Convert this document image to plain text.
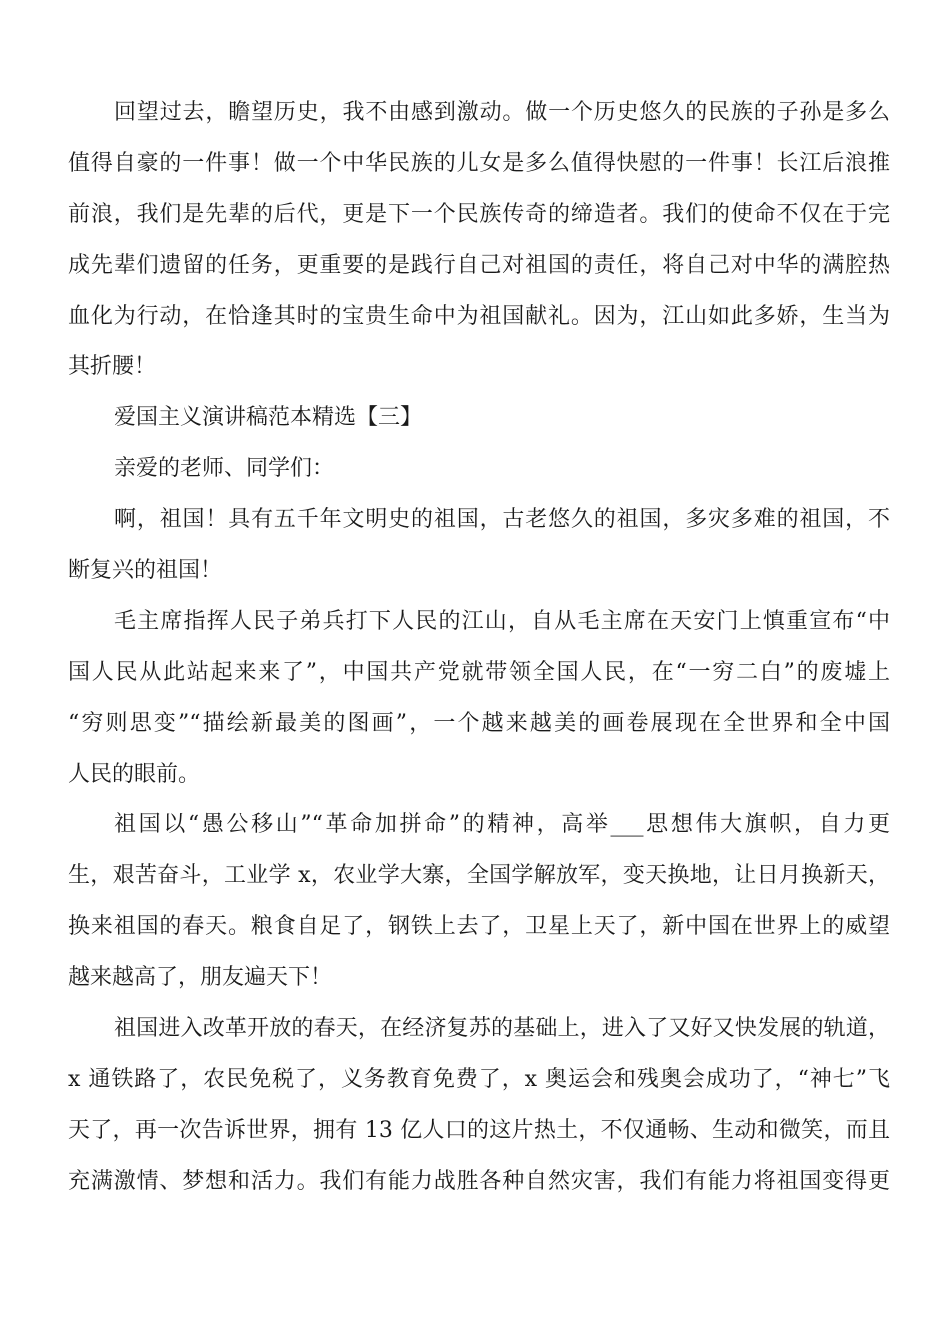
回望过去，瞻望历史，我不由感到激动。做一个历史悠久的民族的子孙是多么
值得自豪的一件事！做一个中华民族的儿女是多么值得快慰的一件事！长江后浪推
前浪，我们是先辈的后代，更是下一个民族传奇的缔造者。我们的使命不仅在于完
成先辈们遗留的任务，更重要的是践行自己对祖国的责任，将自己对中华的满腔热
血化为行动，在恰逢其时的宝贵生命中为祖国献礼。因为，江山如此多娇，生当为
其折腰！
爱国主义演讲稿范本精选【三】
亲爱的老师、同学们：
啊，祖国！具有五千年文明史的祖国，古老悠久的祖国，多灾多难的祖国，不
断复兴的祖国！
毛主席指挥人民子弟兵打下人民的江山，自从毛主席在天安门上慎重宣布“中
国人民从此站起来来了”，中国共产党就带领全国人民，在“一穷二白”的废墟上
“穷则思变”“描绘新最美的图画”，一个越来越美的画卷展现在全世界和全中国
人民的眼前。
祖国以“愚公移山”“革命加拼命”的精神，高举___思想伟大旗帜，自力更
生，艰苦奋斗，工业学 x，农业学大寨，全国学解放军，变天换地，让日月换新天，
换来祖国的春天。粮食自足了，钢铁上去了，卫星上天了，新中国在世界上的威望
越来越高了，朋友遍天下！
祖国进入改革开放的春天，在经济复苏的基础上，进入了又好又快发展的轨道，
x 通铁路了，农民免税了，义务教育免费了，x 奥运会和残奥会成功了，“神七”飞
天了，再一次告诉世界，拥有 13 亿人口的这片热土，不仅通畅、生动和微笑，而且
充满激情、梦想和活力。我们有能力战胜各种自然灾害，我们有能力将祖国变得更
